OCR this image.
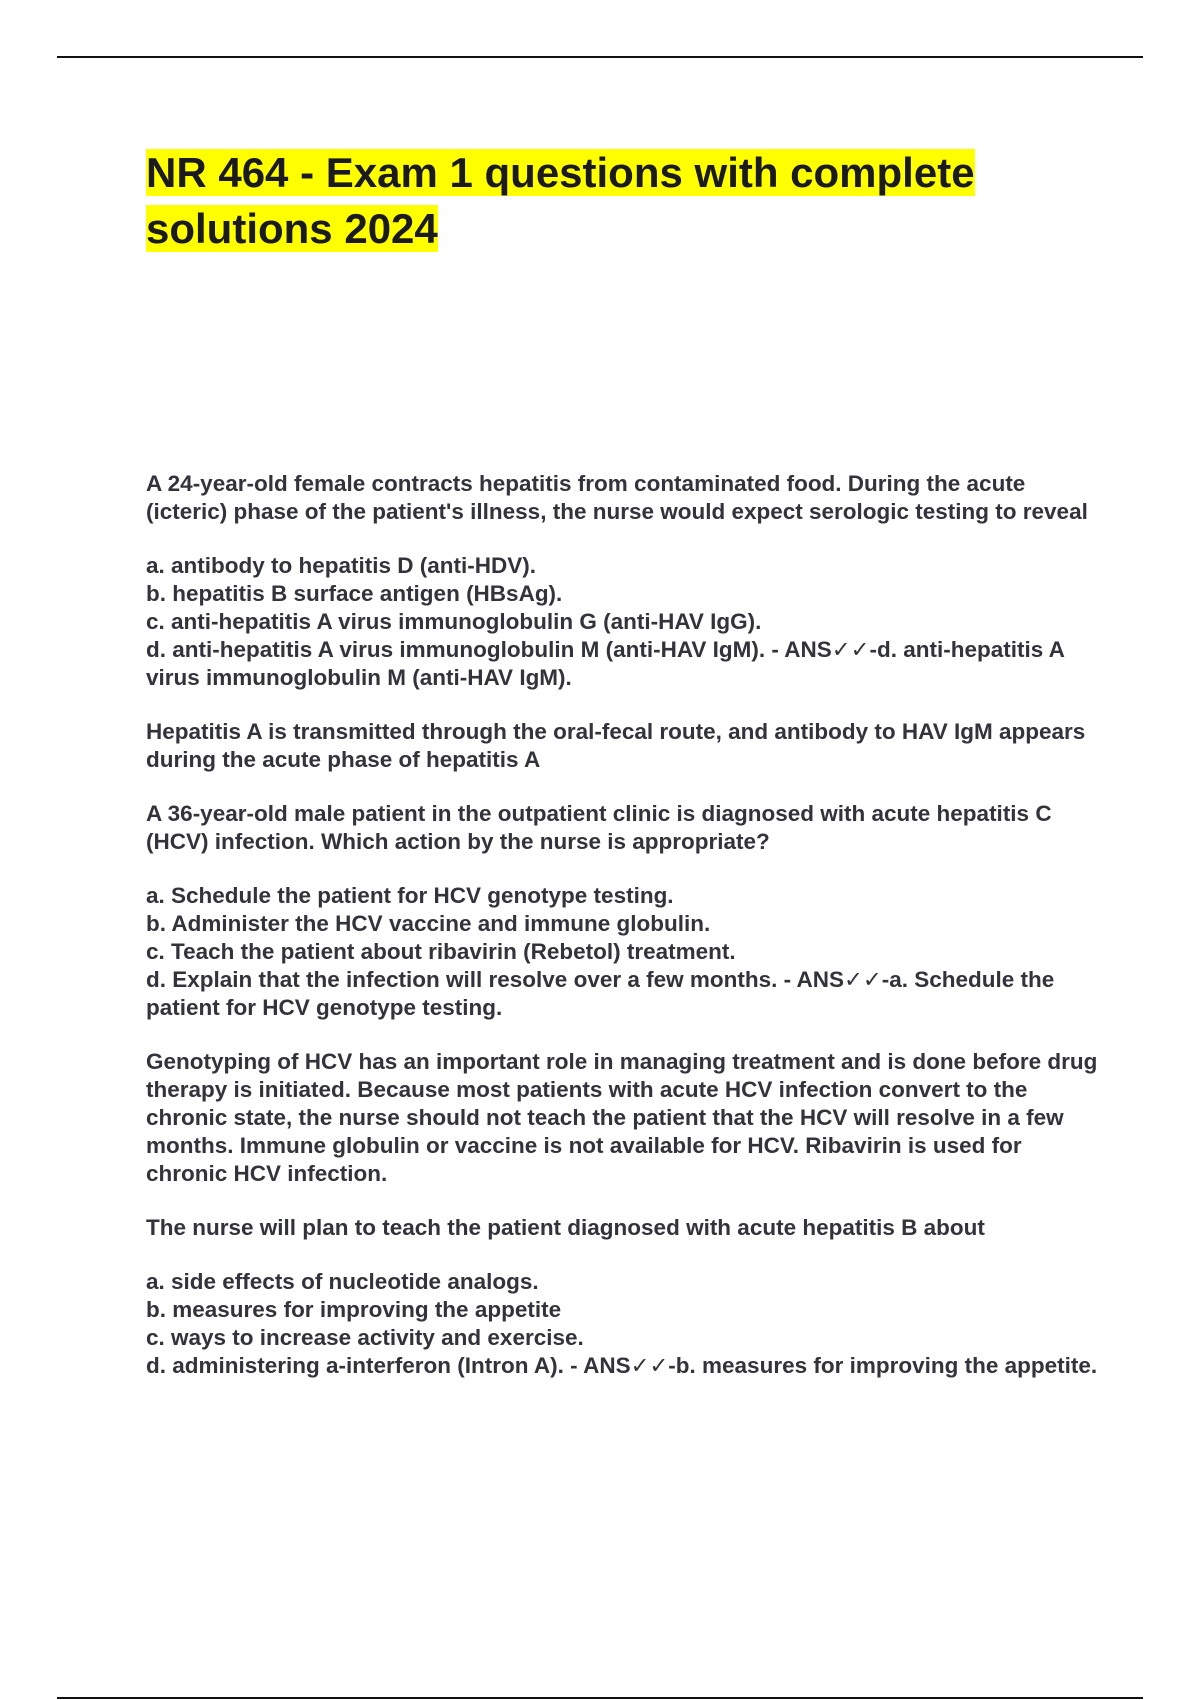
NR 464 - Exam 1 questions with complete solutions 2024

A 24-year-old female contracts hepatitis from contaminated food. During the acute (icteric) phase of the patient's illness, the nurse would expect serologic testing to reveal

a. antibody to hepatitis D (anti-HDV).
b. hepatitis B surface antigen (HBsAg).
c. anti-hepatitis A virus immunoglobulin G (anti-HAV IgG).
d. anti-hepatitis A virus immunoglobulin M (anti-HAV IgM). - ANS✓✓-d. anti-hepatitis A virus immunoglobulin M (anti-HAV IgM).

Hepatitis A is transmitted through the oral-fecal route, and antibody to HAV IgM appears during the acute phase of hepatitis A

A 36-year-old male patient in the outpatient clinic is diagnosed with acute hepatitis C (HCV) infection. Which action by the nurse is appropriate?

a. Schedule the patient for HCV genotype testing.
b. Administer the HCV vaccine and immune globulin.
c. Teach the patient about ribavirin (Rebetol) treatment.
d. Explain that the infection will resolve over a few months. - ANS✓✓-a. Schedule the patient for HCV genotype testing.

Genotyping of HCV has an important role in managing treatment and is done before drug therapy is initiated. Because most patients with acute HCV infection convert to the chronic state, the nurse should not teach the patient that the HCV will resolve in a few months. Immune globulin or vaccine is not available for HCV. Ribavirin is used for chronic HCV infection.

The nurse will plan to teach the patient diagnosed with acute hepatitis B about

a. side effects of nucleotide analogs.
b. measures for improving the appetite
c. ways to increase activity and exercise.
d. administering a-interferon (Intron A). - ANS✓✓-b. measures for improving the appetite.
